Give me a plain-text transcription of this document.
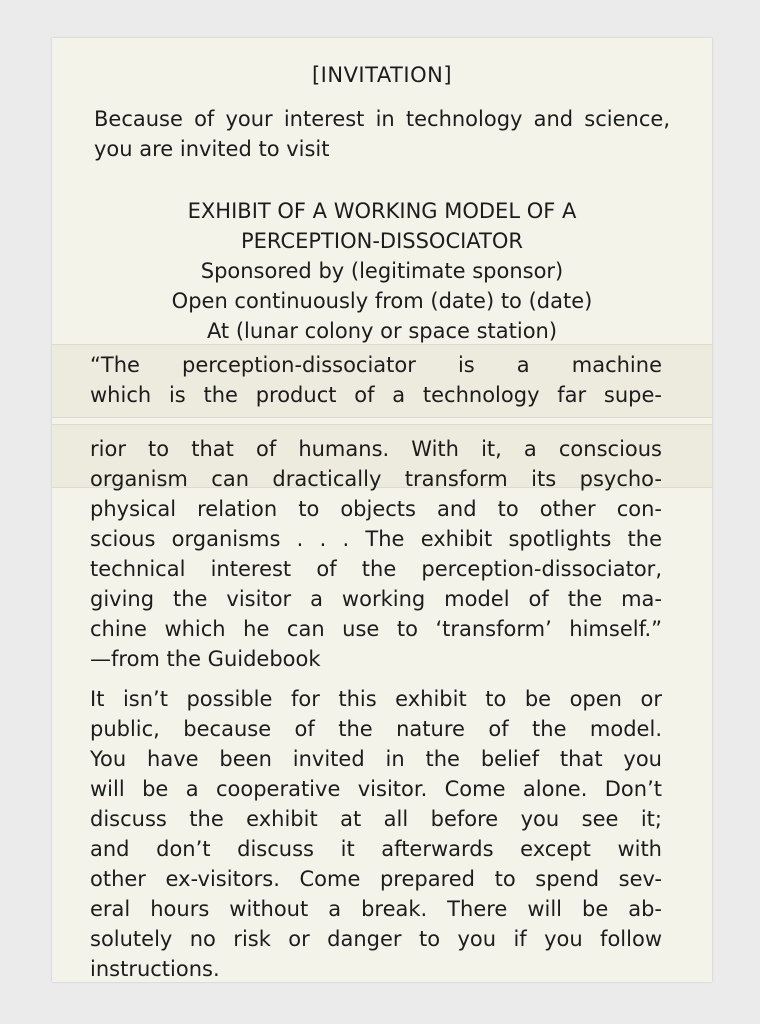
[INVITATION]
Because of your interest in technology and science, you are invited to visit
EXHIBIT OF A WORKING MODEL OF A
PERCEPTION-DISSOCIATOR
Sponsored by (legitimate sponsor)
Open continuously from (date) to (date)
At (lunar colony or space station)
“The perception-dissociator is a machine
which is the product of a technology far supe-
rior to that of humans. With it, a conscious
organism can dractically transform its psycho-
physical relation to objects and to other con-
scious organisms . . . The exhibit spotlights the
technical interest of the perception-dissociator,
giving the visitor a working model of the ma-
chine which he can use to ‘transform’ himself.”
—from the Guidebook
It isn’t possible for this exhibit to be open or
public, because of the nature of the model.
You have been invited in the belief that you
will be a cooperative visitor. Come alone. Don’t
discuss the exhibit at all before you see it;
and don’t discuss it afterwards except with
other ex-visitors. Come prepared to spend sev-
eral hours without a break. There will be ab-
solutely no risk or danger to you if you follow
instructions.
